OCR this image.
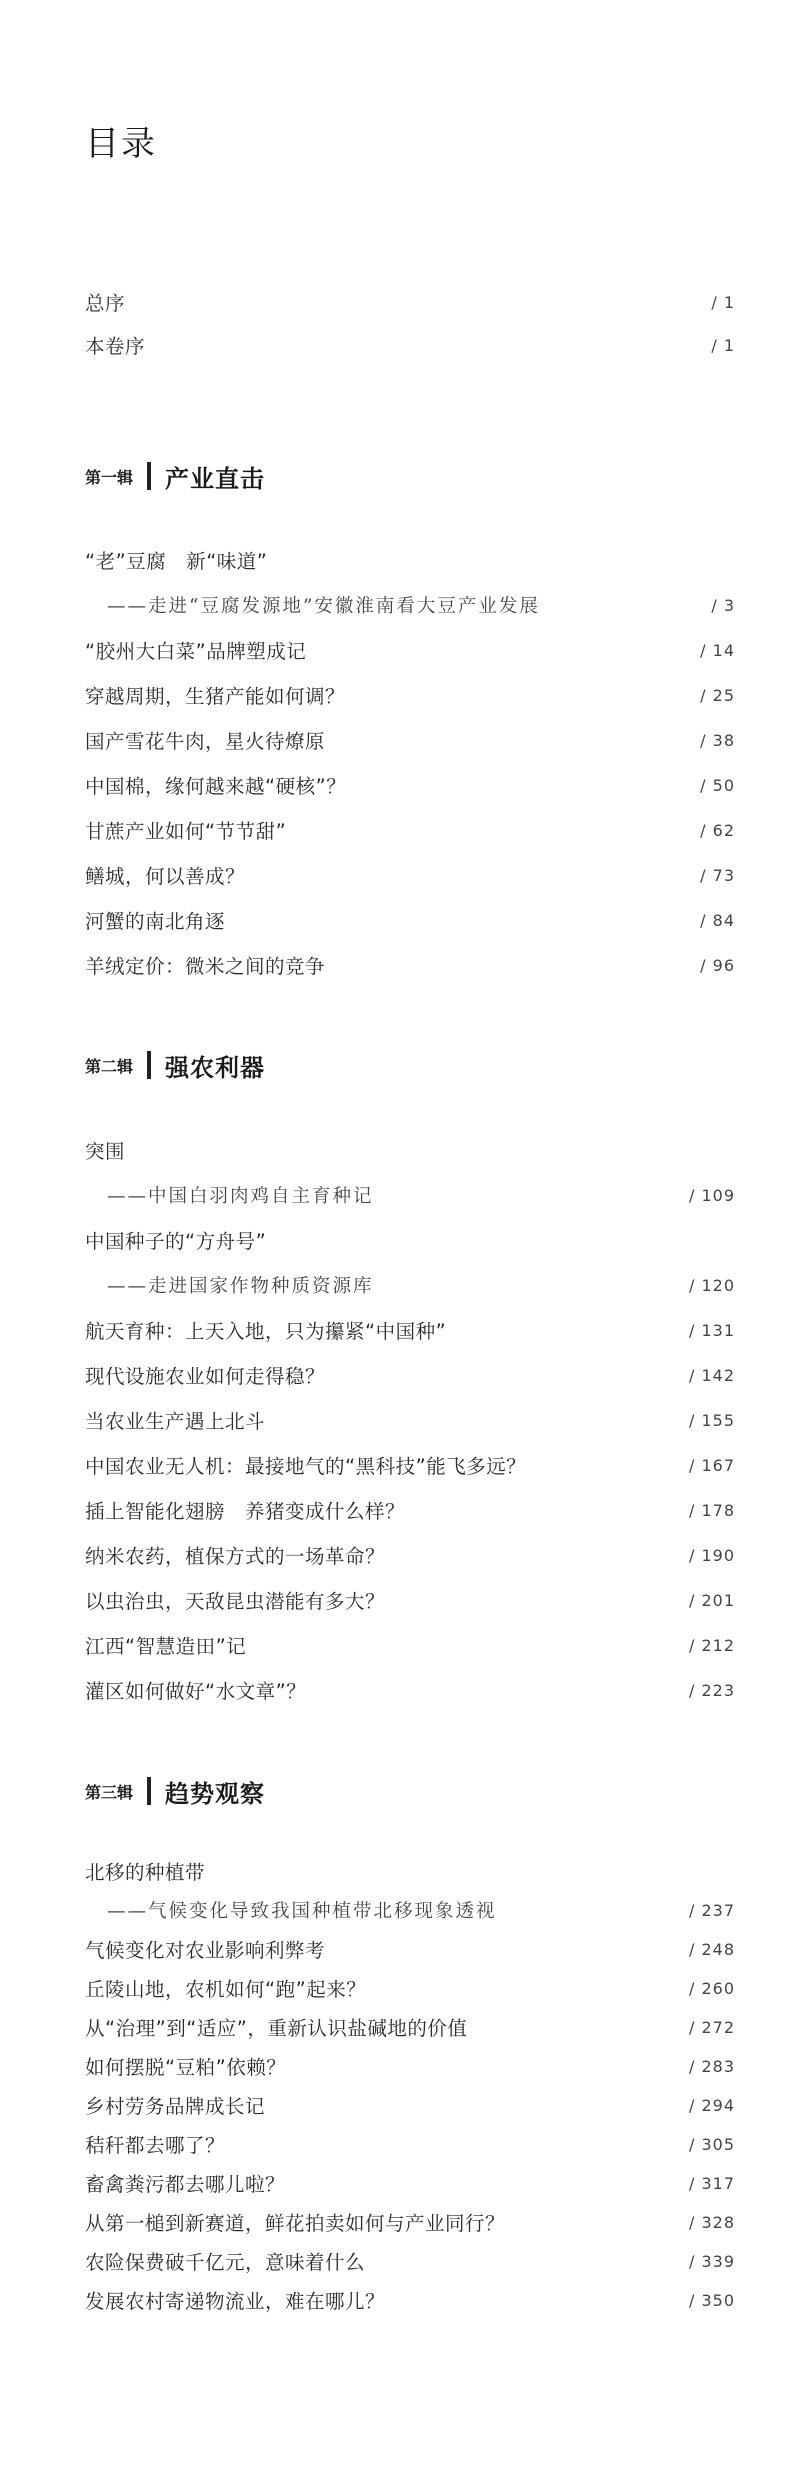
目录
总序	/ 1
本卷序	/ 1
第一辑 产业直击
“老”豆腐　新“味道”
——走进“豆腐发源地”安徽淮南看大豆产业发展	/ 3
“胶州大白菜”品牌塑成记	/ 14
穿越周期，生猪产能如何调？	/ 25
国产雪花牛肉，星火待燎原	/ 38
中国棉，缘何越来越“硬核”？	/ 50
甘蔗产业如何“节节甜”	/ 62
鳝城，何以善成？	/ 73
河蟹的南北角逐	/ 84
羊绒定价：微米之间的竞争	/ 96
第二辑 强农利器
突围
——中国白羽肉鸡自主育种记	/ 109
中国种子的“方舟号”
——走进国家作物种质资源库	/ 120
航天育种：上天入地，只为攥紧“中国种”	/ 131
现代设施农业如何走得稳？	/ 142
当农业生产遇上北斗	/ 155
中国农业无人机：最接地气的“黑科技”能飞多远？	/ 167
插上智能化翅膀　养猪变成什么样？	/ 178
纳米农药，植保方式的一场革命？	/ 190
以虫治虫，天敌昆虫潜能有多大？	/ 201
江西“智慧造田”记	/ 212
灌区如何做好“水文章”？	/ 223
第三辑 趋势观察
北移的种植带
——气候变化导致我国种植带北移现象透视	/ 237
气候变化对农业影响利弊考	/ 248
丘陵山地，农机如何“跑”起来？	/ 260
从“治理”到“适应”，重新认识盐碱地的价值	/ 272
如何摆脱“豆粕”依赖？	/ 283
乡村劳务品牌成长记	/ 294
秸秆都去哪了？	/ 305
畜禽粪污都去哪儿啦？	/ 317
从第一槌到新赛道，鲜花拍卖如何与产业同行？	/ 328
农险保费破千亿元，意味着什么	/ 339
发展农村寄递物流业，难在哪儿？	/ 350
